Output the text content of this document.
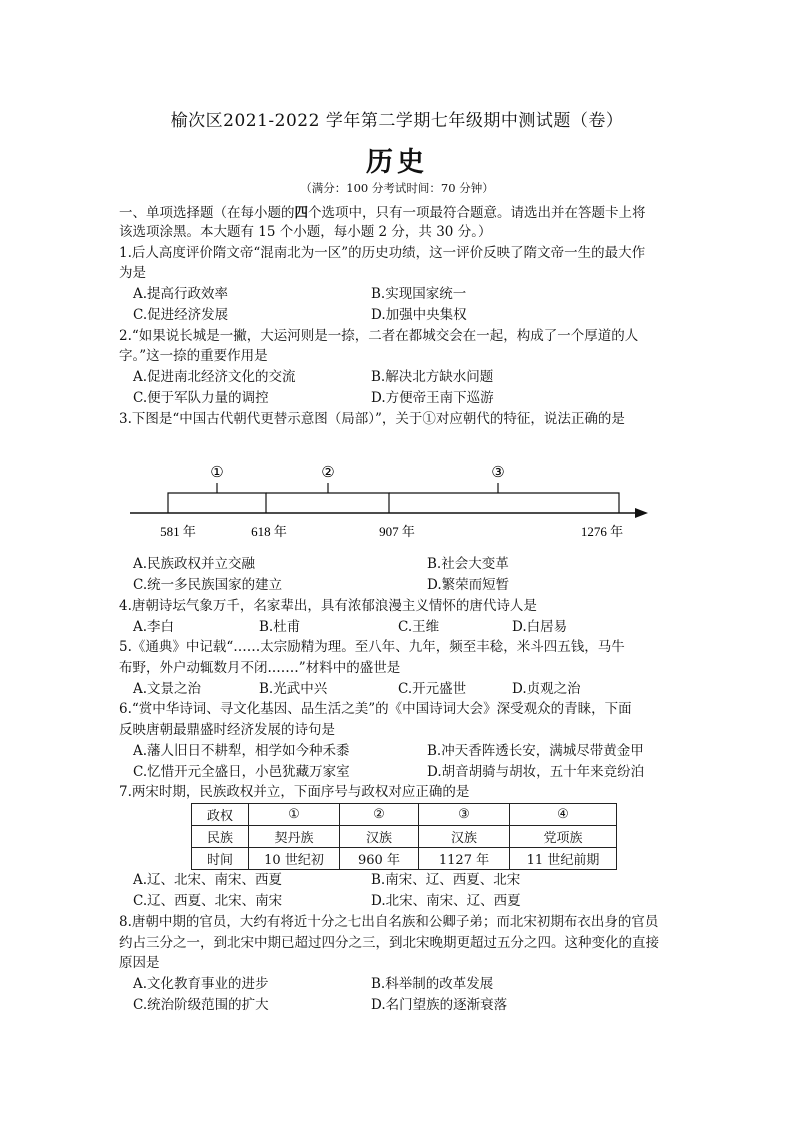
榆次区2021-2022 学年第二学期七年级期中测试题（卷）
历史
（满分：100 分考试时间：70 分钟）
一、单项选择题（在每小题的四个选项中，只有一项最符合题意。请选出并在答题卡上将
该选项涂黑。本大题有 15 个小题，每小题 2 分，共 30 分。）
1.后人高度评价隋文帝“混南北为一区”的历史功绩，这一评价反映了隋文帝一生的最大作
为是
A.提高行政效率	B.实现国家统一
C.促进经济发展	D.加强中央集权
2.“如果说长城是一撇，大运河则是一捺，二者在都城交会在一起，构成了一个厚道的人
字。”这一捺的重要作用是
A.促进南北经济文化的交流	B.解决北方缺水问题
C.便于军队力量的调控	D.方便帝王南下巡游
3.下图是“中国古代朝代更替示意图（局部）”，关于①对应朝代的特征，说法正确的是
①	②	③
581 年	618 年	907 年	1276 年
A.民族政权并立交融	B.社会大变革
C.统一多民族国家的建立	D.繁荣而短暂
4.唐朝诗坛气象万千，名家辈出，具有浓郁浪漫主义情怀的唐代诗人是
A.李白	B.杜甫	C.王维	D.白居易
5.《通典》中记载“……太宗励精为理。至八年、九年，频至丰稔，米斗四五钱，马牛
布野，外户动辄数月不闭.……”材料中的盛世是
A.文景之治	B.光武中兴	C.开元盛世	D.贞观之治
6.“赏中华诗词、寻文化基因、品生活之美”的《中国诗词大会》深受观众的青睐，下面
反映唐朝最鼎盛时经济发展的诗句是
A.藩人旧日不耕犁，相学如今种禾黍	B.冲天香阵透长安，满城尽带黄金甲
C.忆惜开元全盛日，小邑犹藏万家室	D.胡音胡骑与胡妆，五十年来竞纷泊
7.两宋时期，民族政权并立，下面序号与政权对应正确的是
政权	①	②	③	④
民族	契丹族	汉族	汉族	党项族
时间	10 世纪初	960 年	1127 年	11 世纪前期
A.辽、北宋、南宋、西夏	B.南宋、辽、西夏、北宋
C.辽、西夏、北宋、南宋	D.北宋、南宋、辽、西夏
8.唐朝中期的官员，大约有将近十分之七出自名族和公卿子弟；而北宋初期布衣出身的官员
约占三分之一，到北宋中期已超过四分之三，到北宋晚期更超过五分之四。这种变化的直接
原因是
A.文化教育事业的进步	B.科举制的改革发展
C.统治阶级范围的扩大	D.名门望族的逐渐衰落
